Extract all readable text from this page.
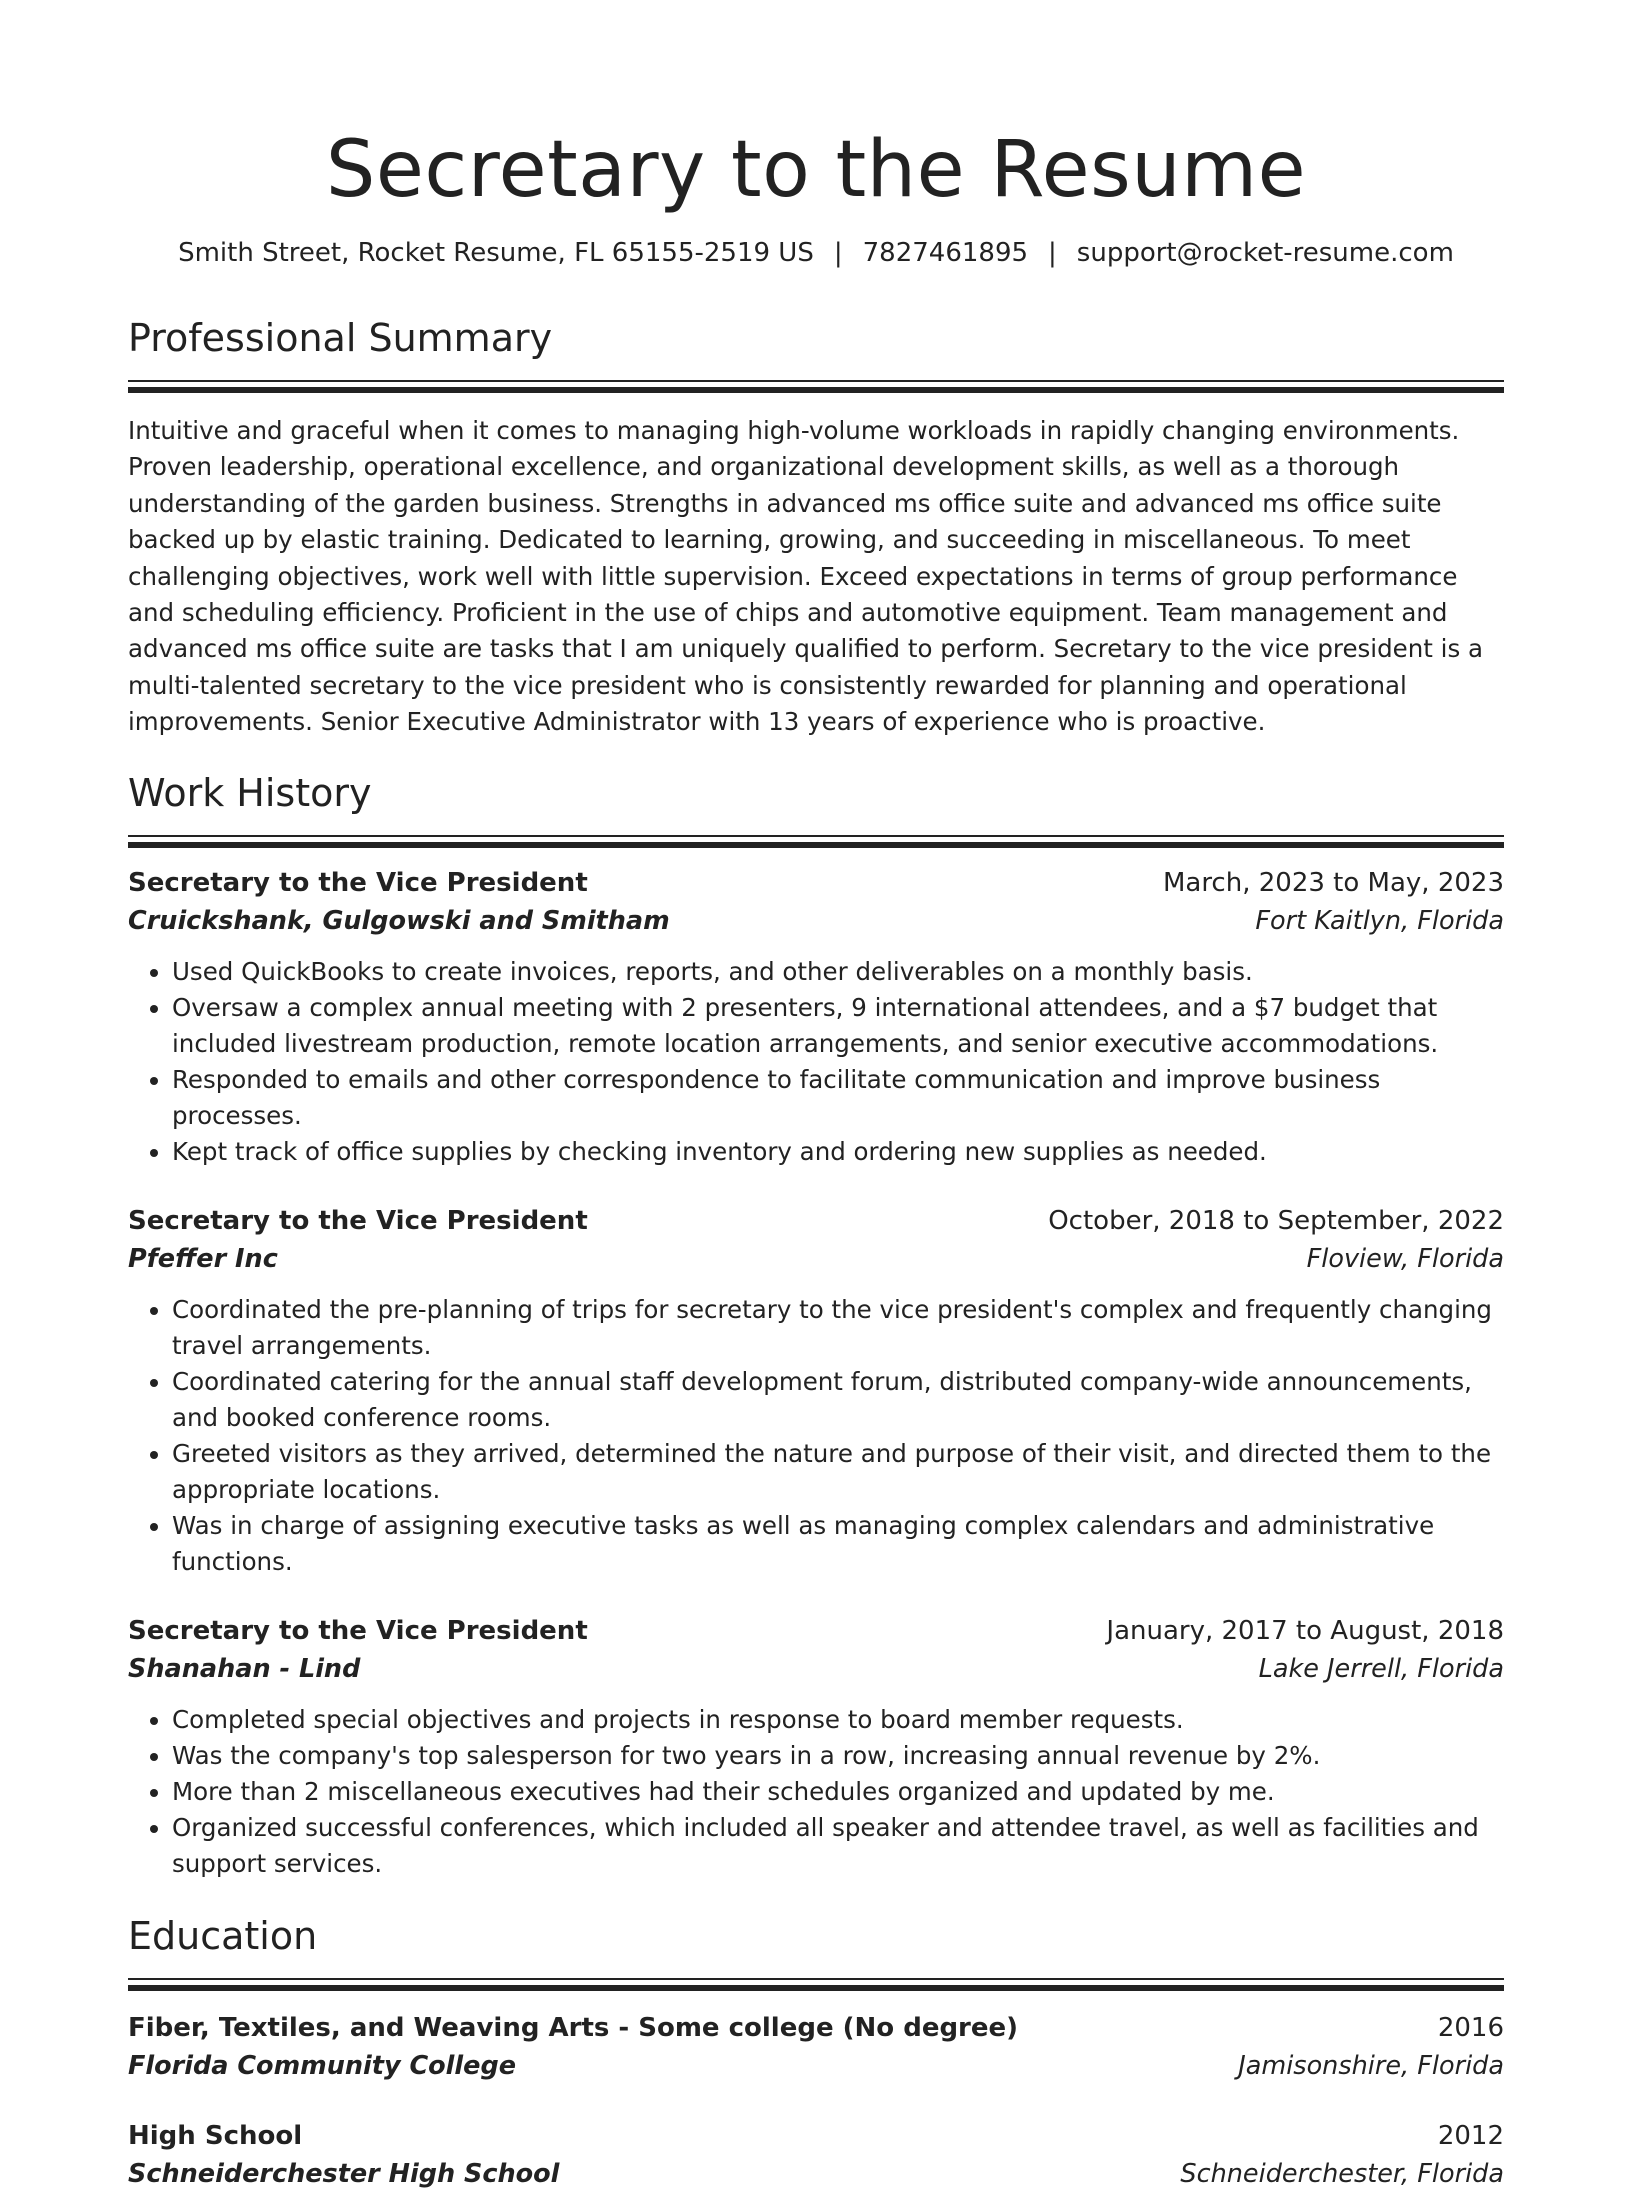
Secretary to the Resume
Smith Street, Rocket Resume, FL 65155-2519 US | 7827461895 | support@rocket-resume.com
Professional Summary

Intuitive and graceful when it comes to managing high-volume workloads in rapidly changing environments. Proven leadership, operational excellence, and organizational development skills, as well as a thorough understanding of the garden business. Strengths in advanced ms office suite and advanced ms office suite backed up by elastic training. Dedicated to learning, growing, and succeeding in miscellaneous. To meet challenging objectives, work well with little supervision. Exceed expectations in terms of group performance and scheduling efficiency. Proficient in the use of chips and automotive equipment. Team management and advanced ms office suite are tasks that I am uniquely qualified to perform. Secretary to the vice president is a multi-talented secretary to the vice president who is consistently rewarded for planning and operational improvements. Senior Executive Administrator with 13 years of experience who is proactive.

Work History
Secretary to the Vice President	March, 2023 to May, 2023
Cruickshank, Gulgowski and Smitham	Fort Kaitlyn, Florida
• Used QuickBooks to create invoices, reports, and other deliverables on a monthly basis.
• Oversaw a complex annual meeting with 2 presenters, 9 international attendees, and a $7 budget that included livestream production, remote location arrangements, and senior executive accommodations.
• Responded to emails and other correspondence to facilitate communication and improve business processes.
• Kept track of office supplies by checking inventory and ordering new supplies as needed.
Secretary to the Vice President	October, 2018 to September, 2022
Pfeffer Inc	Floview, Florida
• Coordinated the pre-planning of trips for secretary to the vice president's complex and frequently changing travel arrangements.
• Coordinated catering for the annual staff development forum, distributed company-wide announcements, and booked conference rooms.
• Greeted visitors as they arrived, determined the nature and purpose of their visit, and directed them to the appropriate locations.
• Was in charge of assigning executive tasks as well as managing complex calendars and administrative functions.
Secretary to the Vice President	January, 2017 to August, 2018
Shanahan - Lind	Lake Jerrell, Florida
• Completed special objectives and projects in response to board member requests.
• Was the company's top salesperson for two years in a row, increasing annual revenue by 2%.
• More than 2 miscellaneous executives had their schedules organized and updated by me.
• Organized successful conferences, which included all speaker and attendee travel, as well as facilities and support services.
Education
Fiber, Textiles, and Weaving Arts - Some college (No degree)	2016
Florida Community College	Jamisonshire, Florida
High School	2012
Schneiderchester High School	Schneiderchester, Florida
